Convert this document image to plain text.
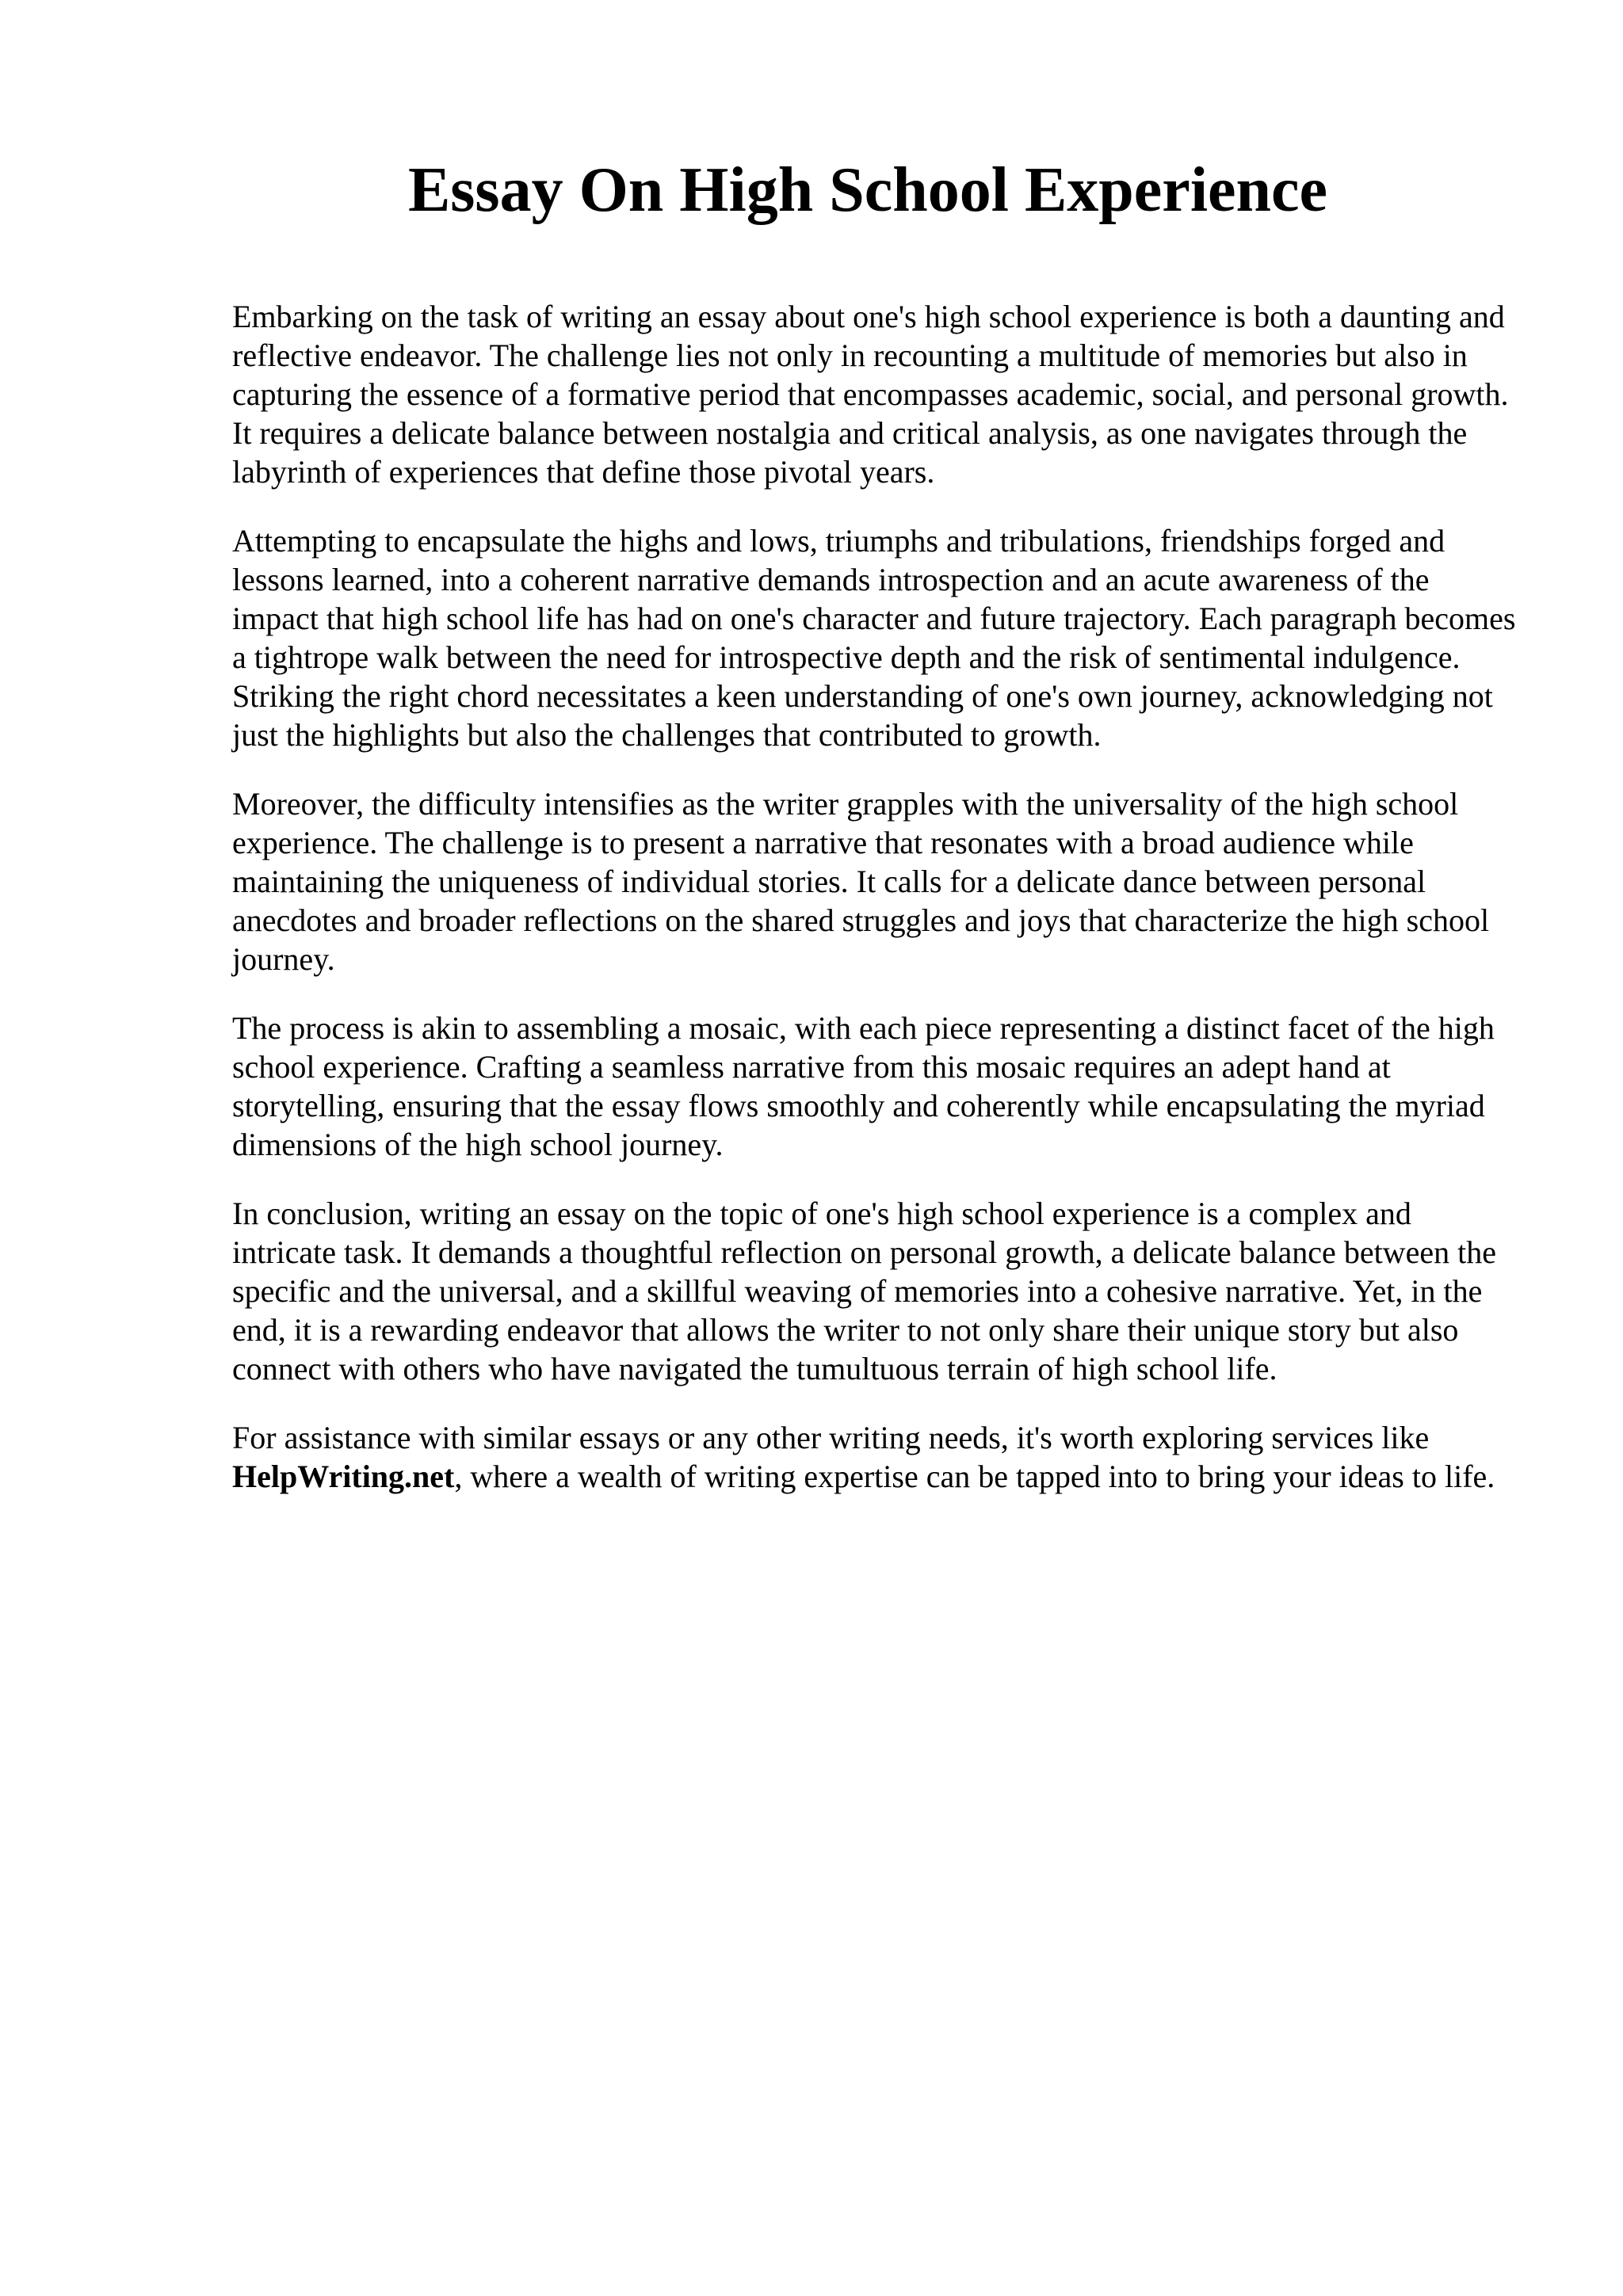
Essay On High School Experience

Embarking on the task of writing an essay about one's high school experience is both a daunting and reflective endeavor. The challenge lies not only in recounting a multitude of memories but also in capturing the essence of a formative period that encompasses academic, social, and personal growth. It requires a delicate balance between nostalgia and critical analysis, as one navigates through the labyrinth of experiences that define those pivotal years.

Attempting to encapsulate the highs and lows, triumphs and tribulations, friendships forged and lessons learned, into a coherent narrative demands introspection and an acute awareness of the impact that high school life has had on one's character and future trajectory. Each paragraph becomes a tightrope walk between the need for introspective depth and the risk of sentimental indulgence. Striking the right chord necessitates a keen understanding of one's own journey, acknowledging not just the highlights but also the challenges that contributed to growth.

Moreover, the difficulty intensifies as the writer grapples with the universality of the high school experience. The challenge is to present a narrative that resonates with a broad audience while maintaining the uniqueness of individual stories. It calls for a delicate dance between personal anecdotes and broader reflections on the shared struggles and joys that characterize the high school journey.

The process is akin to assembling a mosaic, with each piece representing a distinct facet of the high school experience. Crafting a seamless narrative from this mosaic requires an adept hand at storytelling, ensuring that the essay flows smoothly and coherently while encapsulating the myriad dimensions of the high school journey.

In conclusion, writing an essay on the topic of one's high school experience is a complex and intricate task. It demands a thoughtful reflection on personal growth, a delicate balance between the specific and the universal, and a skillful weaving of memories into a cohesive narrative. Yet, in the end, it is a rewarding endeavor that allows the writer to not only share their unique story but also connect with others who have navigated the tumultuous terrain of high school life.

For assistance with similar essays or any other writing needs, it's worth exploring services like HelpWriting.net, where a wealth of writing expertise can be tapped into to bring your ideas to life.
